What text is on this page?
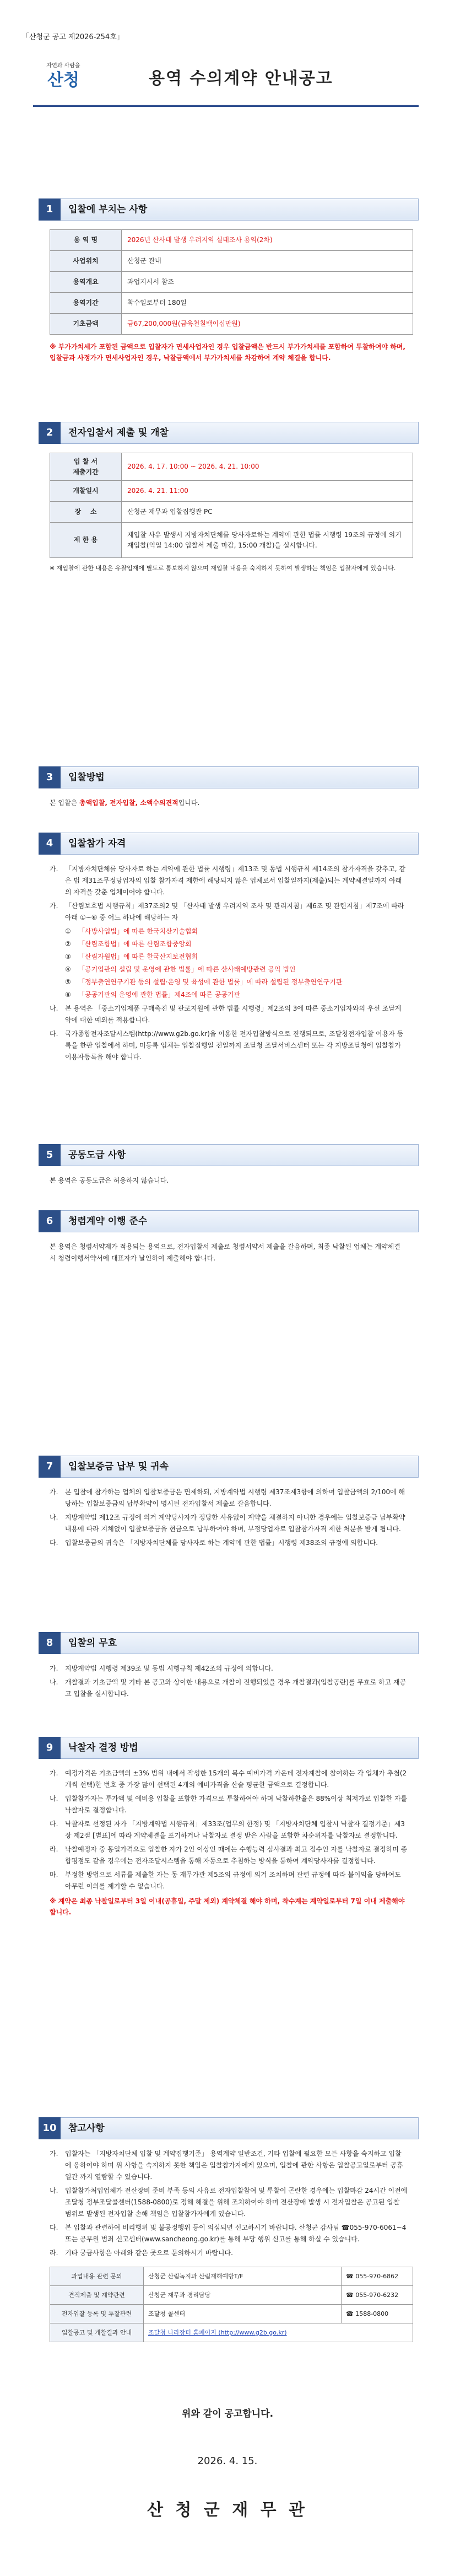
「산청군 공고 제2026-254호」
자연과 사람을
산청	용역 수의계약 안내공고
1	입찰에 부치는 사항
용 역 명	2026년 산사태 발생 우려지역 실태조사 용역(2차)
사업위치	산청군 관내
용역개요	과업지시서 참조
용역기간	착수일로부터 180일
기초금액	금67,200,000원(금육천칠백이십만원)
※ 부가가치세가 포함된 금액으로 입찰자가 면세사업자인 경우 입찰금액은 반드시 부가가치세를 포함하여 투찰하여야 하며, 입찰금과 사정가가 면세사업자인 경우, 낙찰금액에서 부가가치세를 차감하여 계약 체결을 합니다.
2	전자입찰서 제출 및 개찰
입 찰 서
제출기간	2026. 4. 17. 10:00 ~ 2026. 4. 21. 10:00
개찰일시	2026. 4. 21. 11:00
장    소	산청군 재무과 입찰집행관 PC
제 한 용	제입찰 사유 발생시 지방자치단체를 당사자로하는 계약에 관한 법률 시행령 19조의 규정에 의거 재입찰(익일 14:00 입찰서 제출 마감, 15:00 개찰)을 실시합니다.
※ 재입찰에 관한 내용은 유찰입재에 별도로 통보하지 않으며 재입찰 내용을 숙지하지 못하여 발생하는 책임은 입찰자에게 있습니다.
3	입찰방법
본 입찰은 총액입찰, 전자입찰, 소액수의견적입니다.
4	입찰참가 자격
가.	「지방자치단체를 당사자로 하는 계약에 관한 법률 시행령」제13조 및 동법 시행규칙 제14조의 참가자격을 갖추고, 같은 법 제31조무정당업자의 입찰 참가자격 제한에 해당되지 않은 업체로서 입찰일까지(제출)되는 계약체결일까지 아래의 자격을 갖춘 업체이어야 합니다.
가.	「산림보호법 시행규칙」제37조의2 및 「산사태 발생 우려지역 조사 및 관리지침」제6조 및 관련지침」제7조에 따라 아래 ①~⑥ 중 어느 하나에 해당하는 자
①	「사방사업법」에 따른 한국치산기술협회
②	「산림조합법」에 따른 산림조합중앙회
③	「산림자원법」에 따른 한국산지보전협회
④	「공기업관의 설립 및 운영에 관한 법률」에 따른 산사태예방관련 공익 법인
⑤	「정부출연연구기관 등의 설립·운영 및 육성에 관한 법률」에 따라 설립된 정부출연연구기관
⑥	「공공기관의 운영에 관한 법률」제4조에 따른 공공기관
나.	본 용역은 「중소기업제품 구매촉진 및 판로지원에 관한 법률 시행령」제2조의 3에 따른 중소기업자와의 우선 조달계약에 대한 예외를 적용합니다.
다.	국가종합전자조달시스템(http://www.g2b.go.kr)을 이용한 전자입찰방식으로 진행되므로, 조달청전자입찰 이용자 등록을 한판 입찰에서 하며, 미등록 업체는 입찰집행일 전일까지 조달청 조달서비스센터 또는 각 지방조달청에 입찰참가 이용자등록을 해야 합니다.
5	공동도급 사항
본 용역은 공동도급은 허용하지 않습니다.
6	청렴계약 이행 준수
본 용역은 청렴서약제가 적용되는 용역으로, 전자입찰서 제출로 청렴서약서 제출을 갈음하며, 최종 낙찰된 업체는 계약체결 시 청렴이행서약서에 대표자가 날인하여 제출해야 합니다.
7	입찰보증금 납부 및 귀속
가.	본 입찰에 참가하는 업체의 입찰보증금은 면제하되, 지방계약법 시행령 제37조제3항에 의하여 입찰금액의 2/100에 해당하는 입찰보증금의 납부확약이 명시된 전자입찰서 제출로 갈음합니다.
나.	지방계약법 제12조 규정에 의거 계약당사자가 정당한 사유없이 계약을 체결하지 아니한 경우에는 입찰보증금 납부확약 내용에 따라 지체없이 입찰보증금을 현금으로 납부하여야 하며, 부정당업자로 입찰참가자격 제한 처분을 받게 됩니다.
다.	입찰보증금의 귀속은 「지방자치단체를 당사자로 하는 계약에 관한 법률」시행령 제38조의 규정에 의합니다.
8	입찰의 무효
가.	지방계약법 시행령 제39조 및 동법 시행규칙 제42조의 규정에 의합니다.
나.	개찰결과 기초금액 및 기타 본 공고와 상이한 내용으로 개찰이 진행되었을 경우 개찰결과(입찰공란)를 무효로 하고 재공고 입찰을 실시합니다.
9	낙찰자 결정 방법
가.	예정가격은 기초금액의 ±3% 범위 내에서 작성한 15개의 복수 예비가격 가운데 전자계찰에 참여하는 각 업체가 추첨(2개씩 선택)한 번호 중 가장 많이 선택된 4개의 예비가격을 산술 평균한 금액으로 결정합니다.
나.	입찰참가자는 투가액 및 예비용 입찰을 포함한 가격으로 투찰하여야 하며 낙찰하한율은 88%이상 최저가로 입찰한 자를 낙찰자로 결정합니다.
다.	낙찰자로 선정된 자가 「지방계약법 시행규칙」제33조(업무의 한정) 및 「지방자치단체 입찰시 낙찰자 결정기준」제3장 제2절 [별표]에 따라 계약체결을 포기하거나 낙찰자로 결정 받은 사람을 포함한 차순위자를 낙찰자로 결정합니다.
라.	낙찰예정자 중 동일가격으로 입찰한 자가 2인 이상인 때에는 수행능력 심사결과 최고 점수인 자를 낙찰자로 결정하며 종합평점도 같을 경우에는 전자조달시스템을 통해 자동으로 추첨하는 방식을 통하여 계약당사자를 결정합니다.
마.	부정한 방법으로 서류를 제출한 자는 동 재무가관 제5조의 규정에 의거 조치하며 관련 규정에 따라 불이익을 당하여도 아무런 이의를 제기할 수 없습니다.
※ 계약은 최종 낙찰일로부터 3일 이내(공휴일, 주말 제외) 계약체결 해야 하며, 착수계는 계약일로부터 7일 이내 제출해야 합니다.
10	참고사항
가.	입찰자는 「지방자치단체 입찰 및 계약집행기준」 용역계약 일반조건, 기타 입찰에 필요한 모든 사항을 숙지하고 입찰에 응하여야 하며 위 사항을 숙지하지 못한 책임은 입찰참가자에게 있으며, 입찰에 관한 사항은 입찰공고일로부터 공휴일간 까지 열람할 수 있습니다.
나.	입찰참가처입업체가 전산장비 준비 부족 등의 사유로 전자입찰참여 및 투찰이 곤란한 경우에는 입찰마감 24시간 이전에 조달청 정부조달콜센터(1588-0800)로 정해 해결을 위해 조치하여야 하며 전산장애 발생 시 전자입찰은 공고된 입찰 범위로 발생된 전자입찰 손해 책임은 입찰참가자에게 있습니다.
다.	본 입찰과 관련하여 비리행위 및 불공정행위 등이 의심되면 신고하시기 바랍니다. 산청군 감사팀 ☎055-970-6061~4 또는 공무원 범죄 신고센터(www.sancheong.go.kr)를 통해 부당 행위 신고를 통해 하실 수 있습니다.
라.	기타 궁금사항은 아래와 같은 곳으로 문의하시기 바랍니다.
과업내용 관련 문의	산청군 산림녹지과 산림재해예방T/F	☎ 055-970-6862
견적제출 및 계약관련	산청군 재무과 경리담당	☎ 055-970-6232
전자입찰 등록 및 투찰관련	조달청 콜센터	☎ 1588-0800
입찰공고 및 개찰결과 안내	조달청 나라장터 홈페이지 (http://www.g2b.go.kr)	
위와 같이 공고합니다.
2026. 4. 15.
산 청 군 재 무 관
